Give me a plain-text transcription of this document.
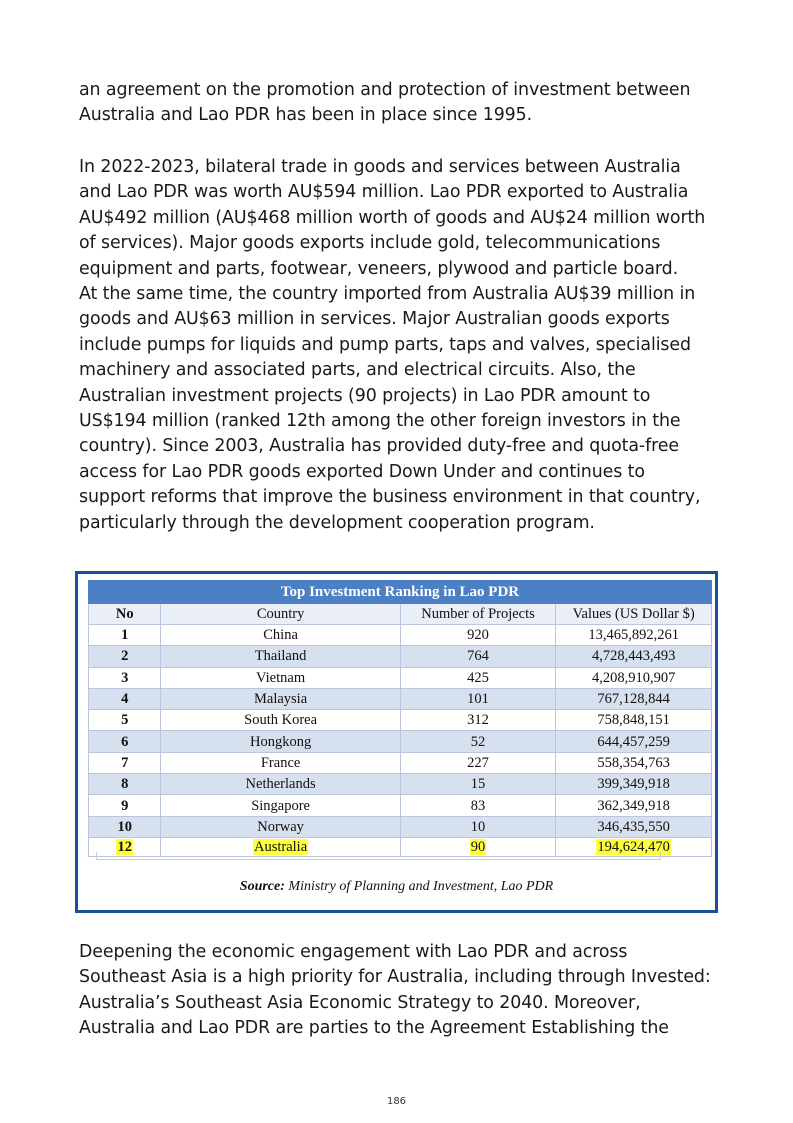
an agreement on the promotion and protection of investment between
Australia and Lao PDR has been in place since 1995.
In 2022-2023, bilateral trade in goods and services between Australia
and Lao PDR was worth AU$594 million. Lao PDR exported to Australia
AU$492 million (AU$468 million worth of goods and AU$24 million worth
of services). Major goods exports include gold, telecommunications
equipment and parts, footwear, veneers, plywood and particle board.
At the same time, the country imported from Australia AU$39 million in
goods and AU$63 million in services. Major Australian goods exports
include pumps for liquids and pump parts, taps and valves, specialised
machinery and associated parts, and electrical circuits. Also, the
Australian investment projects (90 projects) in Lao PDR amount to
US$194 million (ranked 12th among the other foreign investors in the
country). Since 2003, Australia has provided duty-free and quota-free
access for Lao PDR goods exported Down Under and continues to
support reforms that improve the business environment in that country,
particularly through the development cooperation program.
Top Investment Ranking in Lao PDR			
No	Country	Number of Projects	Values (US Dollar $)
1	China	920	13,465,892,261
2	Thailand	764	4,728,443,493
3	Vietnam	425	4,208,910,907
4	Malaysia	101	767,128,844
5	South Korea	312	758,848,151
6	Hongkong	52	644,457,259
7	France	227	558,354,763
8	Netherlands	15	399,349,918
9	Singapore	83	362,349,918
10	Norway	10	346,435,550
12	Australia	90	194,624,470
Source: Ministry of Planning and Investment, Lao PDR
Deepening the economic engagement with Lao PDR and across
Southeast Asia is a high priority for Australia, including through Invested:
Australia’s Southeast Asia Economic Strategy to 2040. Moreover,
Australia and Lao PDR are parties to the Agreement Establishing the
186
